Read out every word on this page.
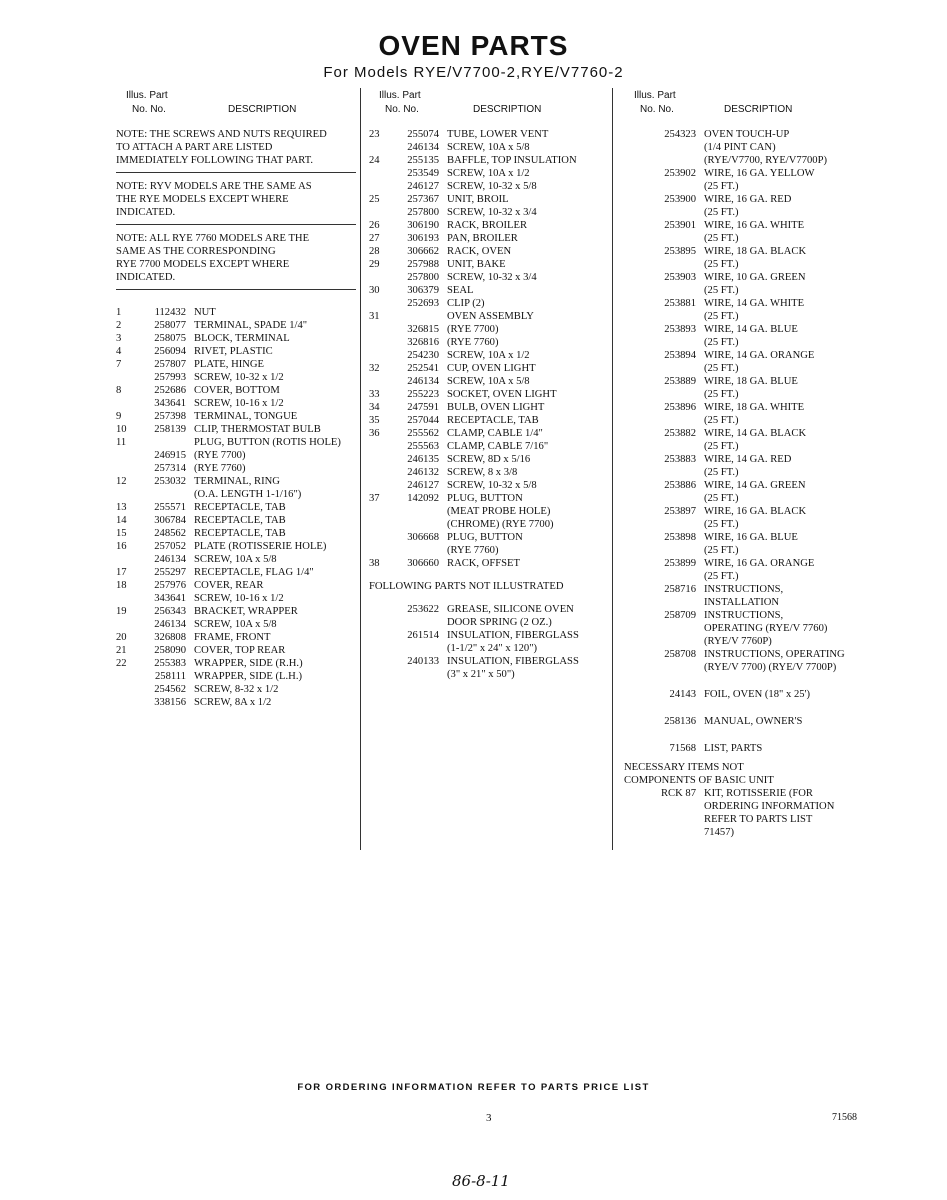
OVEN PARTS
For Models RYE/V7700-2,RYE/V7760-2
Illus. Part
No. No.	DESCRIPTION
NOTE: THE SCREWS AND NUTS REQUIRED
TO ATTACH A PART ARE LISTED
IMMEDIATELY FOLLOWING THAT PART.
NOTE: RYV MODELS ARE THE SAME AS
THE RYE MODELS EXCEPT WHERE
INDICATED.
NOTE: ALL RYE 7760 MODELS ARE THE
SAME AS THE CORRESPONDING
RYE 7700 MODELS EXCEPT WHERE
INDICATED.
1	112432 NUT
2	258077 TERMINAL, SPADE 1/4"
3	258075 BLOCK, TERMINAL
4	256094 RIVET, PLASTIC
7	257807 PLATE, HINGE
257993 SCREW, 10-32 x 1/2
8	252686 COVER, BOTTOM
343641 SCREW, 10-16 x 1/2
9	257398 TERMINAL, TONGUE
10	258139 CLIP, THERMOSTAT BULB
11	PLUG, BUTTON (ROTIS HOLE)
246915 (RYE 7700)
257314 (RYE 7760)
12	253032 TERMINAL, RING
(O.A. LENGTH 1-1/16")
13	255571 RECEPTACLE, TAB
14	306784 RECEPTACLE, TAB
15	248562 RECEPTACLE, TAB
16	257052 PLATE (ROTISSERIE HOLE)
246134 SCREW, 10A x 5/8
17	255297 RECEPTACLE, FLAG 1/4"
18	257976 COVER, REAR
343641 SCREW, 10-16 x 1/2
19	256343 BRACKET, WRAPPER
246134 SCREW, 10A x 5/8
20	326808 FRAME, FRONT
21	258090 COVER, TOP REAR
22	255383 WRAPPER, SIDE (R.H.)
258111 WRAPPER, SIDE (L.H.)
254562 SCREW, 8-32 x 1/2
338156 SCREW, 8A x 1/2
Illus. Part
No. No.	DESCRIPTION
23	255074 TUBE, LOWER VENT
246134 SCREW, 10A x 5/8
24	255135 BAFFLE, TOP INSULATION
253549 SCREW, 10A x 1/2
246127 SCREW, 10-32 x 5/8
25	257367 UNIT, BROIL
257800 SCREW, 10-32 x 3/4
26	306190 RACK, BROILER
27	306193 PAN, BROILER
28	306662 RACK, OVEN
29	257988 UNIT, BAKE
257800 SCREW, 10-32 x 3/4
30	306379 SEAL
252693 CLIP (2)
31	OVEN ASSEMBLY
326815 (RYE 7700)
326816 (RYE 7760)
254230 SCREW, 10A x 1/2
32	252541 CUP, OVEN LIGHT
246134 SCREW, 10A x 5/8
33	255223 SOCKET, OVEN LIGHT
34	247591 BULB, OVEN LIGHT
35	257044 RECEPTACLE, TAB
36	255562 CLAMP, CABLE 1/4"
255563 CLAMP, CABLE 7/16"
246135 SCREW, 8D x 5/16
246132 SCREW, 8 x 3/8
246127 SCREW, 10-32 x 5/8
37	142092 PLUG, BUTTON
(MEAT PROBE HOLE)
(CHROME) (RYE 7700)
306668 PLUG, BUTTON
(RYE 7760)
38	306660 RACK, OFFSET
FOLLOWING PARTS NOT ILLUSTRATED
253622 GREASE, SILICONE OVEN
DOOR SPRING (2 OZ.)
261514 INSULATION, FIBERGLASS
(1-1/2" x 24" x 120")
240133 INSULATION, FIBERGLASS
(3" x 21" x 50")
Illus. Part
No. No.	DESCRIPTION
254323 OVEN TOUCH-UP
(1/4 PINT CAN)
(RYE/V7700, RYE/V7700P)
253902 WIRE, 16 GA. YELLOW
(25 FT.)
253900 WIRE, 16 GA. RED
(25 FT.)
253901 WIRE, 16 GA. WHITE
(25 FT.)
253895 WIRE, 18 GA. BLACK
(25 FT.)
253903 WIRE, 10 GA. GREEN
(25 FT.)
253881 WIRE, 14 GA. WHITE
(25 FT.)
253893 WIRE, 14 GA. BLUE
(25 FT.)
253894 WIRE, 14 GA. ORANGE
(25 FT.)
253889 WIRE, 18 GA. BLUE
(25 FT.)
253896 WIRE, 18 GA. WHITE
(25 FT.)
253882 WIRE, 14 GA. BLACK
(25 FT.)
253883 WIRE, 14 GA. RED
(25 FT.)
253886 WIRE, 14 GA. GREEN
(25 FT.)
253897 WIRE, 16 GA. BLACK
(25 FT.)
253898 WIRE, 16 GA. BLUE
(25 FT.)
253899 WIRE, 16 GA. ORANGE
(25 FT.)
258716 INSTRUCTIONS,
INSTALLATION
258709 INSTRUCTIONS,
OPERATING (RYE/V 7760)
(RYE/V 7760P)
258708 INSTRUCTIONS, OPERATING
(RYE/V 7700) (RYE/V 7700P)
24143 FOIL, OVEN (18" x 25')
258136 MANUAL, OWNER'S
71568 LIST, PARTS
NECESSARY ITEMS NOT
COMPONENTS OF BASIC UNIT
RCK 87 KIT, ROTISSERIE (FOR
ORDERING INFORMATION
REFER TO PARTS LIST
71457)
FOR ORDERING INFORMATION REFER TO PARTS PRICE LIST
3	71568
86-8-11
